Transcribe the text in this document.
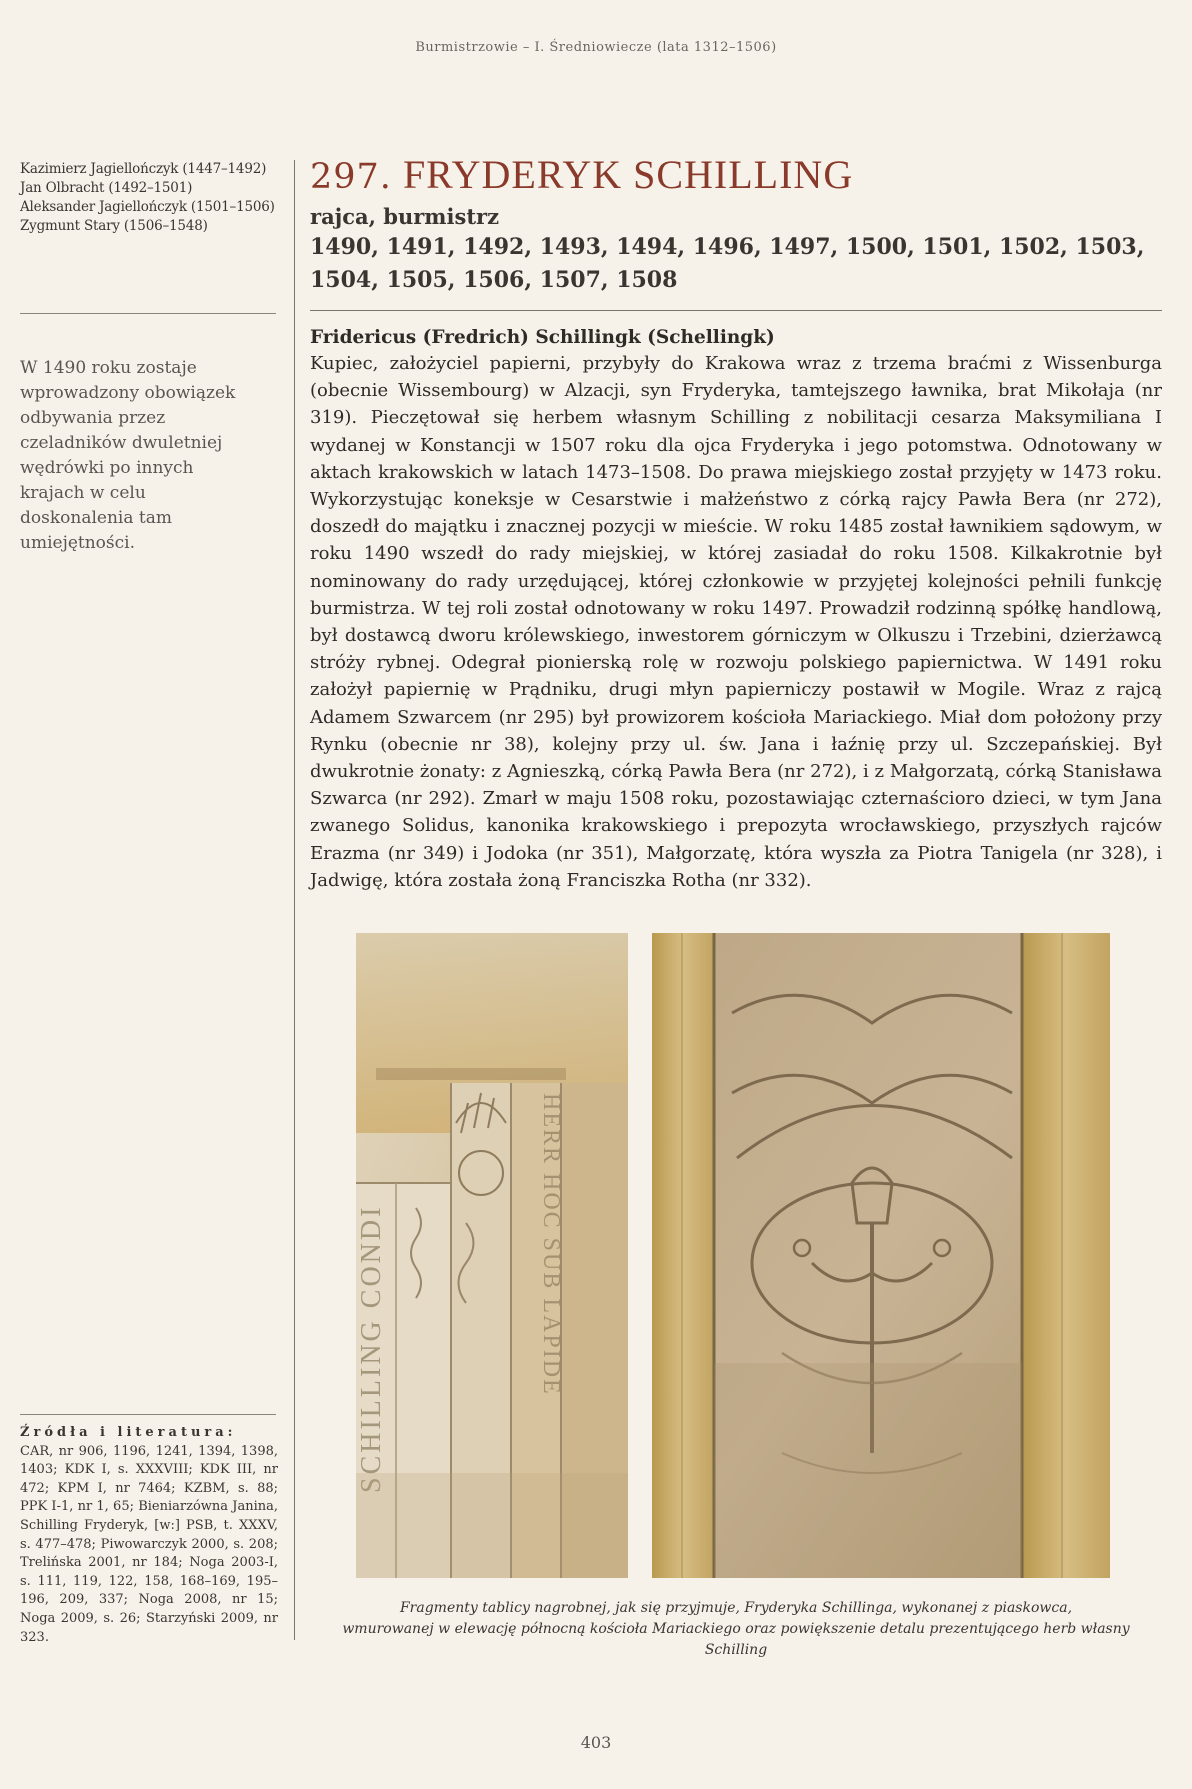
Burmistrzowie – I. Średniowiecze (lata 1312–1506)
Kazimierz Jagiellończyk (1447–1492)
Jan Olbracht (1492–1501)
Aleksander Jagiellończyk (1501–1506)
Zygmunt Stary (1506–1548)
W 1490 roku zostaje wprowadzony obowiązek odbywania przez czeladników dwuletniej wędrówki po innych krajach w celu doskonalenia tam umiejętności.
297. FRYDERYK SCHILLING
rajca, burmistrz
1490, 1491, 1492, 1493, 1494, 1496, 1497, 1500, 1501, 1502, 1503, 1504, 1505, 1506, 1507, 1508
Fridericus (Fredrich) Schillingk (Schellingk)
Kupiec, założyciel papierni, przybyły do Krakowa wraz z trzema braćmi z Wissenburga (obecnie Wissembourg) w Alzacji, syn Fryderyka, tamtejszego ławnika, brat Mikołaja (nr 319). Pieczętował się herbem własnym Schilling z nobilitacji cesarza Maksymiliana I wydanej w Konstancji w 1507 roku dla ojca Fryderyka i jego potomstwa. Odnotowany w aktach krakowskich w latach 1473–1508. Do prawa miejskiego został przyjęty w 1473 roku. Wykorzystując koneksje w Cesarstwie i małżeństwo z córką rajcy Pawła Bera (nr 272), doszedł do majątku i znacznej pozycji w mieście. W roku 1485 został ławnikiem sądowym, w roku 1490 wszedł do rady miejskiej, w której zasiadał do roku 1508. Kilkakrotnie był nominowany do rady urzędującej, której członkowie w przyjętej kolejności pełnili funkcję burmistrza. W tej roli został odnotowany w roku 1497. Prowadził rodzinną spółkę handlową, był dostawcą dworu królewskiego, inwestorem górniczym w Olkuszu i Trzebini, dzierżawcą stróży rybnej. Odegrał pionierską rolę w rozwoju polskiego papiernictwa. W 1491 roku założył papiernię w Prądniku, drugi młyn papierniczy postawił w Mogile. Wraz z rajcą Adamem Szwarcem (nr 295) był prowizorem kościoła Mariackiego. Miał dom położony przy Rynku (obecnie nr 38), kolejny przy ul. św. Jana i łaźnię przy ul. Szczepańskiej. Był dwukrotnie żonaty: z Agnieszką, córką Pawła Bera (nr 272), i z Małgorzatą, córką Stanisława Szwarca (nr 292). Zmarł w maju 1508 roku, pozostawiając czternaścioro dzieci, w tym Jana zwanego Solidus, kanonika krakowskiego i prepozyta wrocławskiego, przyszłych rajców Erazma (nr 349) i Jodoka (nr 351), Małgorzatę, która wyszła za Piotra Tanigela (nr 328), i Jadwigę, która została żoną Franciszka Rotha (nr 332).
SCHILLING CONDI	HERR HOC SUB LAPIDE
Fragmenty tablicy nagrobnej, jak się przyjmuje, Fryderyka Schillinga, wykonanej z piaskowca,
wmurowanej w elewację północną kościoła Mariackiego oraz powiększenie detalu prezentującego herb własny Schilling
Źródła i literatura:
CAR, nr 906, 1196, 1241, 1394, 1398, 1403; KDK I, s. XXXVIII; KDK III, nr 472; KPM I, nr 7464; KZBM, s. 88; PPK I-1, nr 1, 65; Bieniarzówna Janina, Schilling Fryderyk, [w:] PSB, t. XXXV, s. 477–478; Piwowarczyk 2000, s. 208; Trelińska 2001, nr 184; Noga 2003-I, s. 111, 119, 122, 158, 168–169, 195–196, 209, 337; Noga 2008, nr 15; Noga 2009, s. 26; Starzyński 2009, nr 323.
403
